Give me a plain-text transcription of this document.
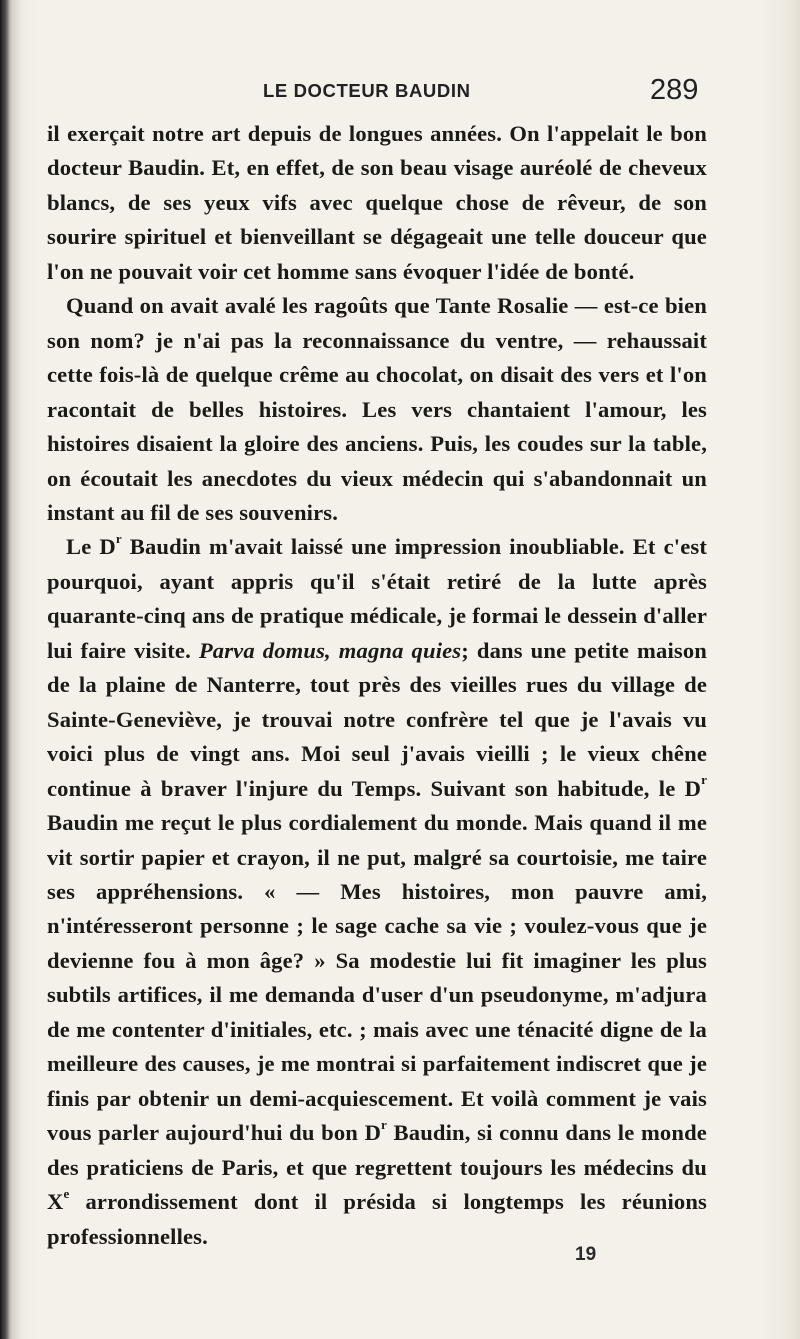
LE DOCTEUR BAUDIN	289

il exerçait notre art depuis de longues années. On l'appelait le bon docteur Baudin. Et, en effet, de son beau visage auréolé de cheveux blancs, de ses yeux vifs avec quelque chose de rêveur, de son sourire spirituel et bienveillant se dégageait une telle douceur que l'on ne pouvait voir cet homme sans évoquer l'idée de bonté.

Quand on avait avalé les ragoûts que Tante Rosalie — est-ce bien son nom? je n'ai pas la reconnaissance du ventre, — rehaussait cette fois-là de quelque crême au chocolat, on disait des vers et l'on racontait de belles histoires. Les vers chantaient l'amour, les histoires disaient la gloire des anciens. Puis, les coudes sur la table, on écoutait les anecdotes du vieux médecin qui s'abandonnait un instant au fil de ses souvenirs.

Le $D^r$ Baudin m'avait laissé une impression inoubliable. Et c'est pourquoi, ayant appris qu'il s'était retiré de la lutte après quarante-cinq ans de pratique médicale, je formai le dessein d'aller lui faire visite. Parva domus, magna quies; dans une petite maison de la plaine de Nanterre, tout près des vieilles rues du village de Sainte-Geneviève, je trouvai notre confrère tel que je l'avais vu voici plus de vingt ans. Moi seul j'avais vieilli ; le vieux chêne continue à braver l'injure du Temps. Suivant son habitude, le $D^r$ Baudin me reçut le plus cordialement du monde. Mais quand il me vit sortir papier et crayon, il ne put, malgré sa courtoisie, me taire ses appréhensions. « — Mes histoires, mon pauvre ami, n'intéresseront personne ; le sage cache sa vie ; voulez-vous que je devienne fou à mon âge? » Sa modestie lui fit imaginer les plus subtils artifices, il me demanda d'user d'un pseudonyme, m'adjura de me contenter d'initiales, etc. ; mais avec une ténacité digne de la meilleure des causes, je me montrai si parfaitement indiscret que je finis par obtenir un demi-acquiescement. Et voilà comment je vais vous parler aujourd'hui du bon $D^r$ Baudin, si connu dans le monde des praticiens de Paris, et que regrettent toujours les médecins du Xe arrondissement dont il présida si longtemps les réunions professionnelles.

19
